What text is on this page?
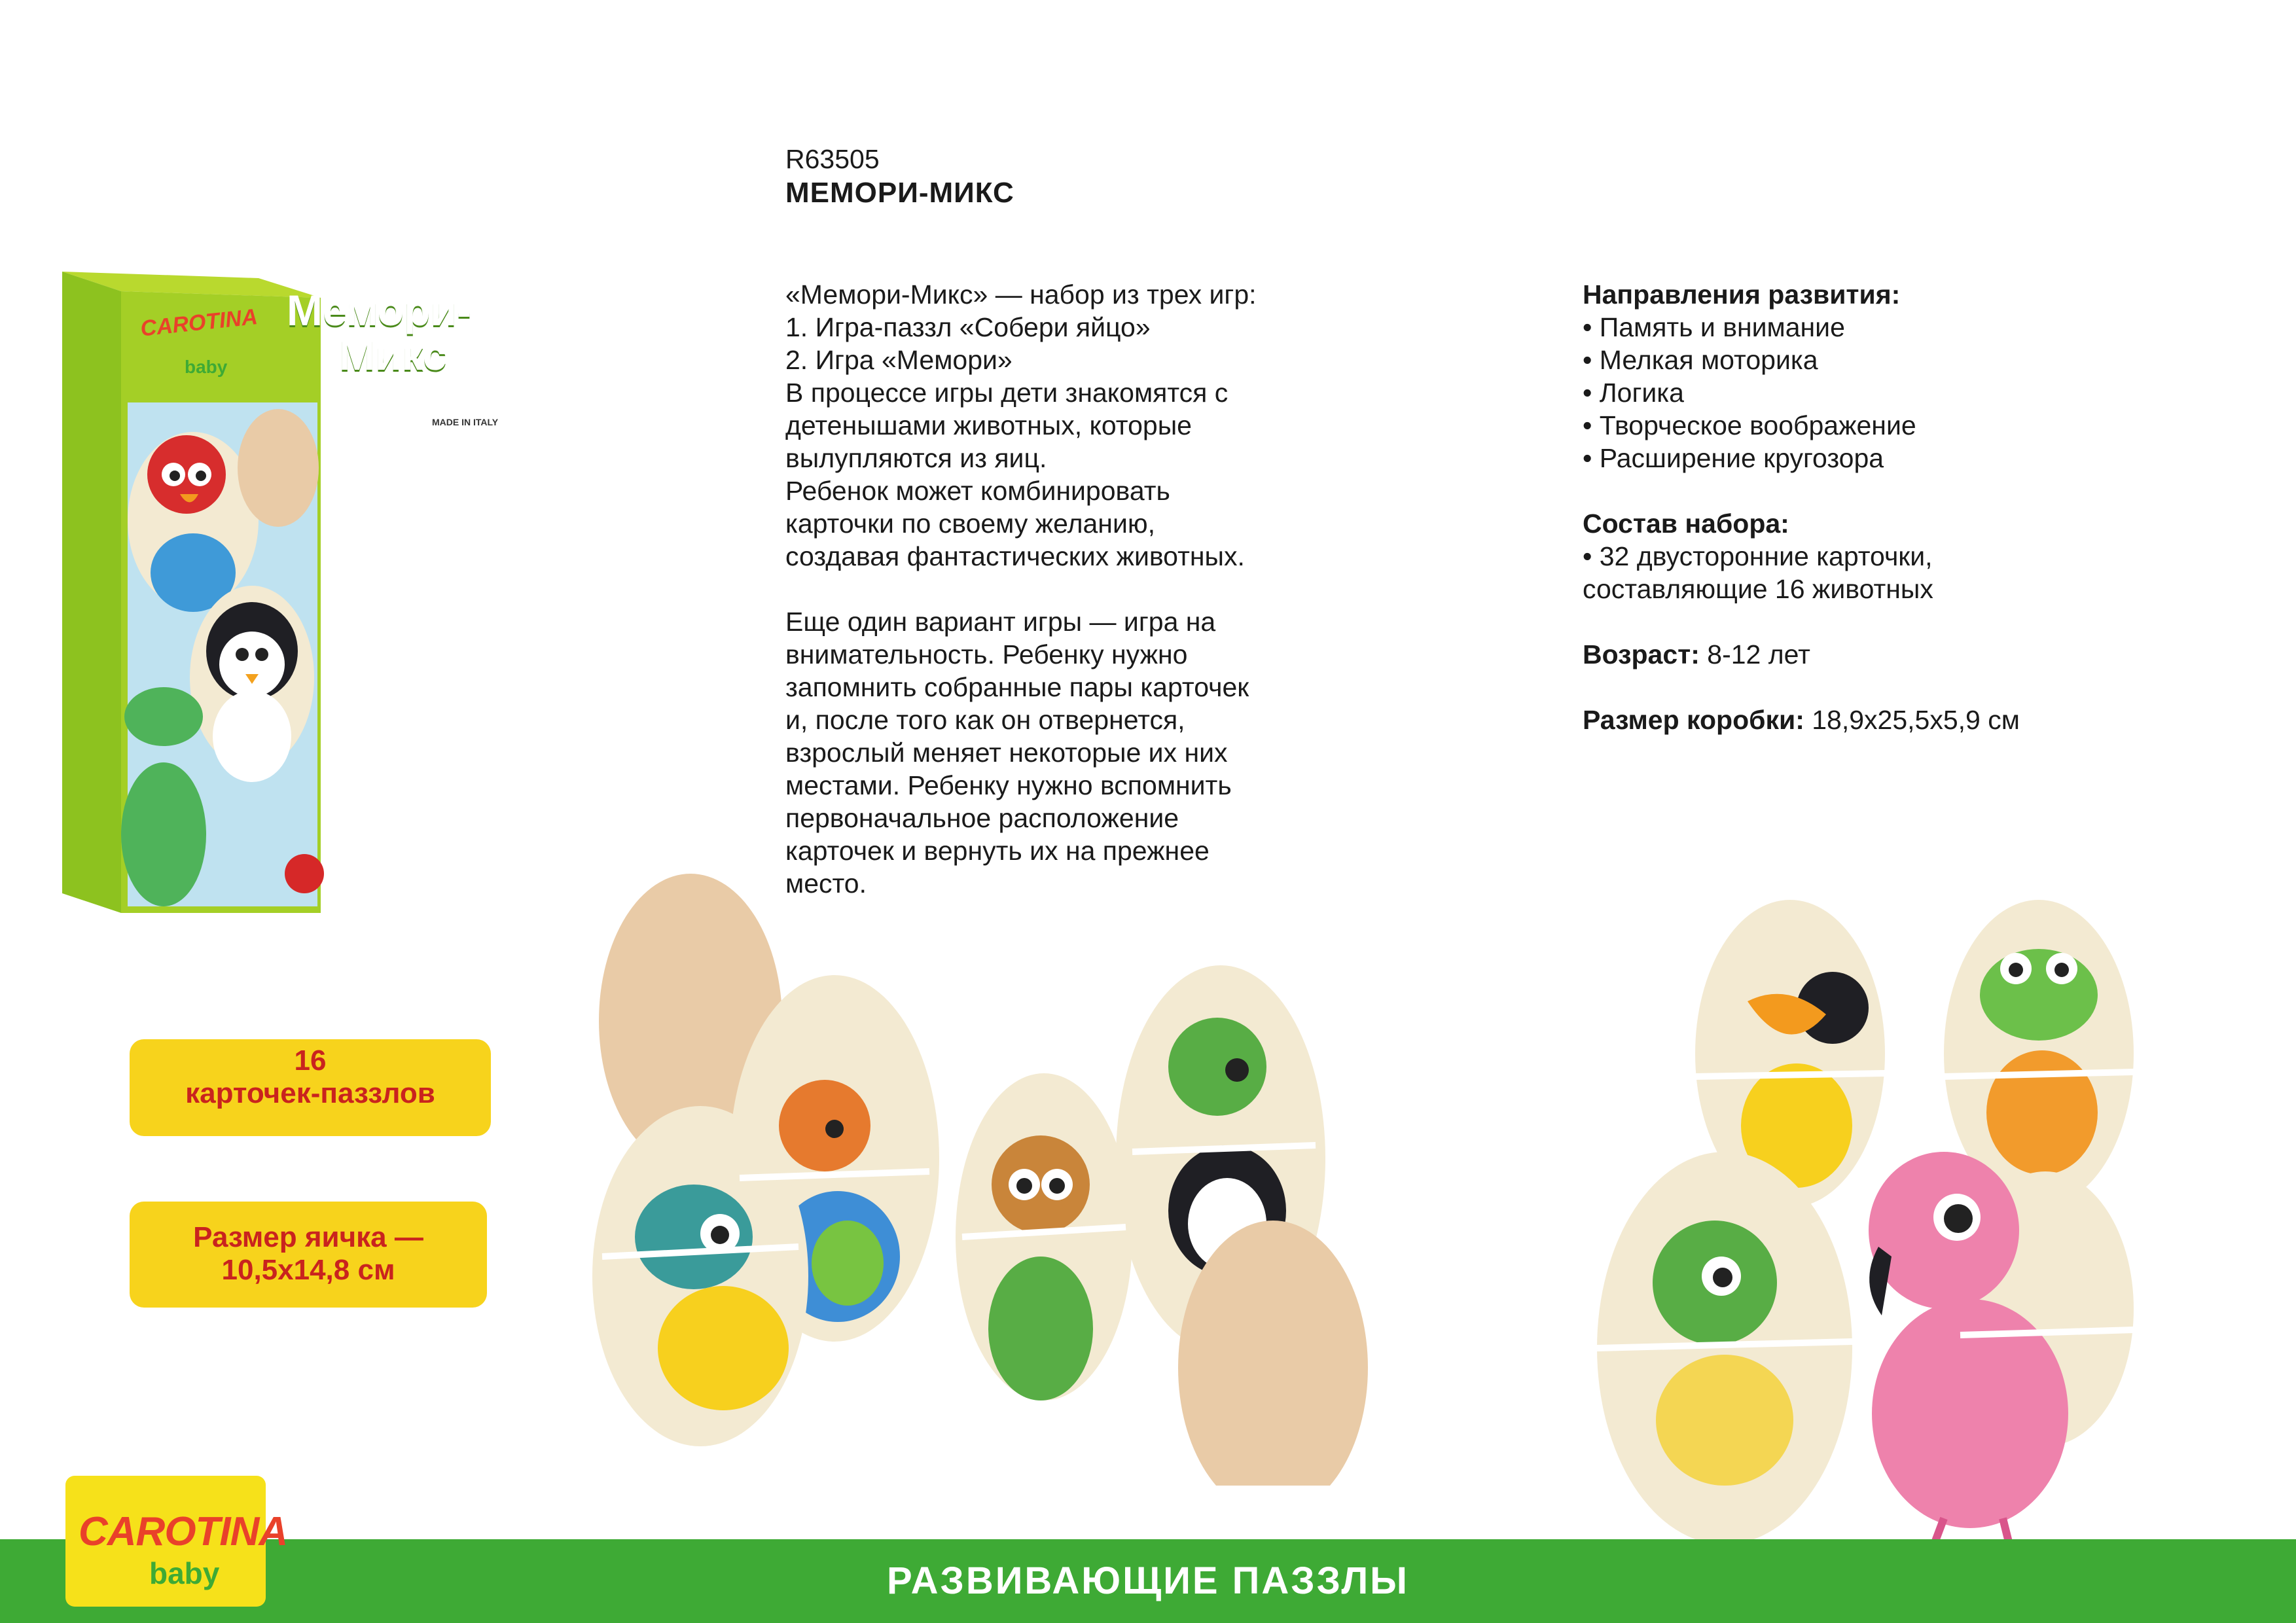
R63505
МЕМОРИ-МИКС
«Мемори-Микс» — набор из трех игр:
1. Игра-паззл «Собери яйцо»
2. Игра «Мемори»
В процессе игры дети знакомятся с
детенышами животных, которые
вылупляются из яиц.
Ребенок может комбинировать
карточки по своему желанию,
создавая фантастических животных.
Еще один вариант игры — игра на
внимательность. Ребенку нужно
запомнить собранные пары карточек
и, после того как он отвернется,
взрослый меняет некоторые их них
местами. Ребенку нужно вспомнить
первоначальное расположение
карточек и вернуть их на прежнее
место.
Направления развития:
• Память и внимание
• Мелкая моторика
• Логика
• Творческое воображение
• Расширение кругозора
Состав набора:
• 32 двусторонние карточки,
составляющие 16 животных
Возраст: 8-12 лет
Размер коробки: 18,9x25,5x5,9 см
CAROTINA
baby
Мемори-
Микс
MADE IN ITALY
Мемори-Микс	LISCIANI
16
карточек-паззлов
Размер яичка —
10,5x14,8 см
РАЗВИВАЮЩИЕ ПАЗЗЛЫ
CAROTINA
baby
